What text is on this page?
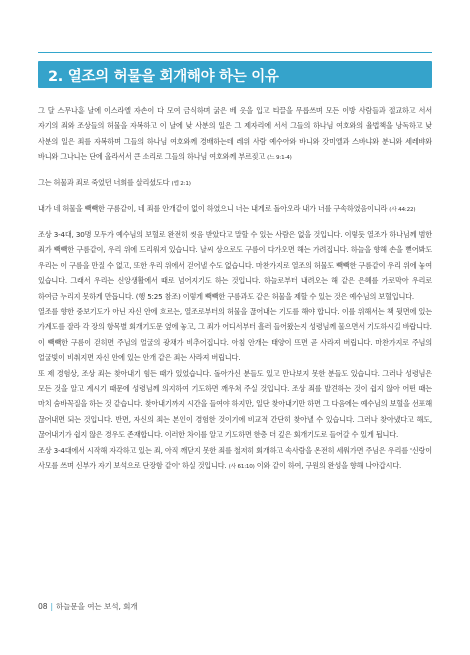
2. 열조의 허물을 회개해야 하는 이유

그 달 스무나흗 날에 이스라엘 자손이 다 모여 금식하며 굵은 베 옷을 입고 티끌을 무릅쓰며 모든 이방 사람들과 절교하고 서서 자기의 죄와 조상들의 허물을 자복하고 이 날에 낮 사분의 일은 그 제자리에 서서 그들의 하나님 여호와의 율법책을 낭독하고 낮 사분의 일은 죄를 자복하며 그들의 하나님 여호와께 경배하는데 레위 사람 예수아와 바니와 갓미엘과 스바냐와 분니와 세레뱌와 바니와 그나니는 단에 올라서서 큰 소리로 그들의 하나님 여호와께 부르짖고 (느 9:1-4)

그는 허물과 죄로 죽었던 너희를 살리셨도다 (엡 2:1)

내가 네 허물을 빽빽한 구름같이, 네 죄를 안개같이 없이 하였으니 너는 내게로 돌아오라 내가 너를 구속하였음이니라 (사 44:22)

조상 3-4대, 30명 모두가 예수님의 보혈로 완전히 씻음 받았다고 말할 수 있는 사람은 없을 것입니다. 이렇듯 열조가 하나님께 범한 죄가 빽빽한 구름같이, 우리 위에 드리워져 있습니다. 날씨 상으로도 구름이 다가오면 해는 가려집니다. 하늘을 향해 손을 뻗어봐도 우리는 이 구름을 만질 수 없고, 또한 우리 위에서 걷어낼 수도 없습니다. 마찬가지로 열조의 허물도 빽빽한 구름같이 우리 위에 놓여 있습니다. 그래서 우리는 신앙생활에서 때로 넘어지기도 하는 것입니다. 하늘로부터 내려오는 해 같은 은혜를 가로막아 우리로 하여금 누리지 못하게 만듭니다. (행 5:25 참조) 이렇게 빽빽한 구름과도 같은 허물을 제할 수 있는 것은 예수님의 보혈입니다.

열조를 향한 중보기도가 아닌 자신 안에 흐르는, 열조로부터의 허물을 끊어내는 기도를 해야 합니다. 이를 위해서는 책 뒷면에 있는 가계도를 잘라 각 장의 항목별 회개기도문 옆에 놓고, 그 죄가 어디서부터 흘러 들어왔는지 성령님께 물으면서 기도하시길 바랍니다.

이 빽빽한 구름이 걷히면 주님의 얼굴의 광채가 비추어집니다. 아침 안개는 태양이 뜨면 곧 사라져 버립니다. 마찬가지로 주님의 얼굴빛이 비춰지면 자신 안에 있는 안개 같은 죄는 사라져 버립니다.

또 제 경험상, 조상 죄는 찾아내기 힘든 때가 있었습니다. 돌아가신 분들도 있고 만나보지 못한 분들도 있습니다. 그러나 성령님은 모든 것을 알고 계시기 때문에 성령님께 의지하여 기도하면 깨우쳐 주실 것입니다. 조상 죄를 발견하는 것이 쉽지 않아 어떤 때는 마치 숨바꼭질을 하는 것 같습니다. 찾아내기까지 시간을 들여야 하지만, 일단 찾아내기만 하면 그 다음에는 예수님의 보혈을 선포해 끊어내면 되는 것입니다. 반면, 자신의 죄는 본인이 경험한 것이기에 비교적 간단히 찾아낼 수 있습니다. 그러나 찾아냈다고 해도, 끊어내기가 쉽지 않은 경우도 존재합니다. 이러한 차이를 알고 기도하면 한층 더 깊은 회개기도로 들어갈 수 있게 됩니다.

조상 3-4대에서 시작해 자각하고 있는 죄, 아직 깨닫지 못한 죄를 철저히 회개하고 속사람을 온전히 세워가면 주님은 우리를 '신랑이 사모를 쓰며 신부가 자기 보석으로 단장함 같이' 하실 것입니다. (사 61:10) 이와 같이 하여, 구원의 완성을 향해 나아갑시다.

08 | 하늘문을 여는 보석, 회개
